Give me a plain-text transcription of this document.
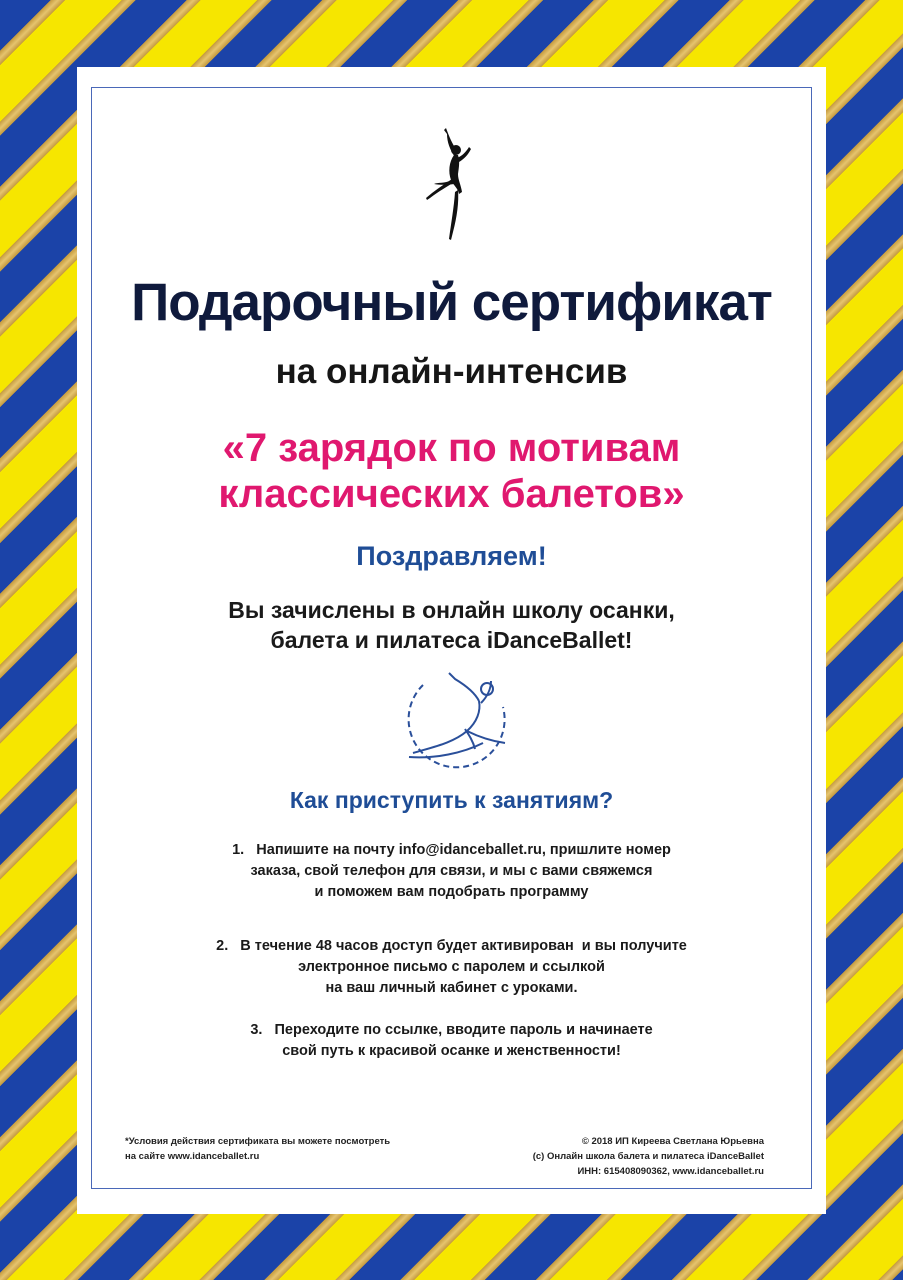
Подарочный сертификат
на онлайн-интенсив
«7 зарядок по мотивам
классических балетов»
Поздравляем!
Вы зачислены в онлайн школу осанки,
балета и пилатеса iDanceBallet!
Как приступить к занятиям?
1.   Напишите на почту info@idanceballet.ru, пришлите номер
заказа, свой телефон для связи, и мы с вами свяжемся
и поможем вам подобрать программу
2.   В течение 48 часов доступ будет активирован  и вы получите
электронное письмо с паролем и ссылкой
на ваш личный кабинет с уроками.
3.   Переходите по ссылке, вводите пароль и начинаете
свой путь к красивой осанке и женственности!
*Условия действия сертификата вы можете посмотреть
на сайте www.idanceballet.ru
© 2018 ИП Киреева Светлана Юрьевна
(с) Онлайн школа балета и пилатеса iDanceBallet
ИНН: 615408090362, www.idanceballet.ru
